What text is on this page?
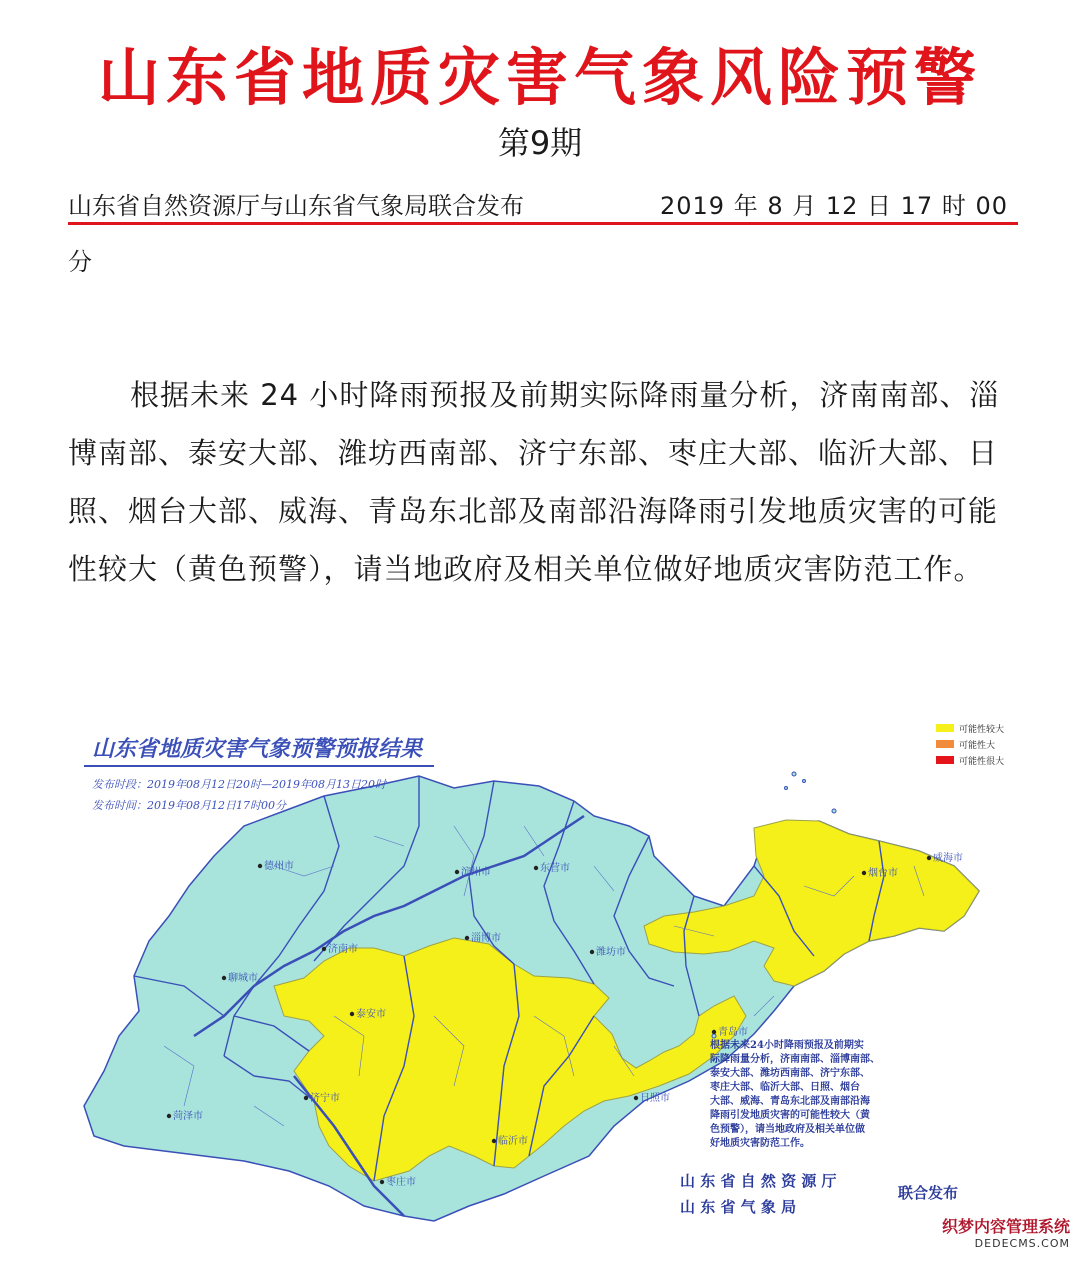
山东省地质灾害气象风险预警
第9期
山东省自然资源厅与山东省气象局联合发布	2019 年 8 月 12 日 17 时 00
分

根据未来 24 小时降雨预报及前期实际降雨量分析，济南南部、淄博南部、泰安大部、潍坊西南部、济宁东部、枣庄大部、临沂大部、日照、烟台大部、威海、青岛东北部及南部沿海降雨引发地质灾害的可能性较大（黄色预警），请当地政府及相关单位做好地质灾害防范工作。

山东省地质灾害气象预警预报结果
发布时段：2019年08月12日20时—2019年08月13日20时
发布时间：2019年08月12日17时00分
可能性较大
可能性大
可能性很大
德州市
滨州市	东营市
聊城市
济南市
淄博市
潍坊市
烟台市
威海市
泰安市
青岛市
菏泽市
济宁市	日照市
临沂市
枣庄市
根据未来24小时降雨预报及前期实
际降雨量分析，济南南部、淄博南部、
泰安大部、潍坊西南部、济宁东部、
枣庄大部、临沂大部、日照、烟台
大部、威海、青岛东北部及南部沿海
降雨引发地质灾害的可能性较大（黄
色预警），请当地政府及相关单位做
好地质灾害防范工作。
山 东 省 自 然 资 源 厅
山 东 省 气 象 局
联合发布
织梦内容管理系统
DEDECMS.COM
